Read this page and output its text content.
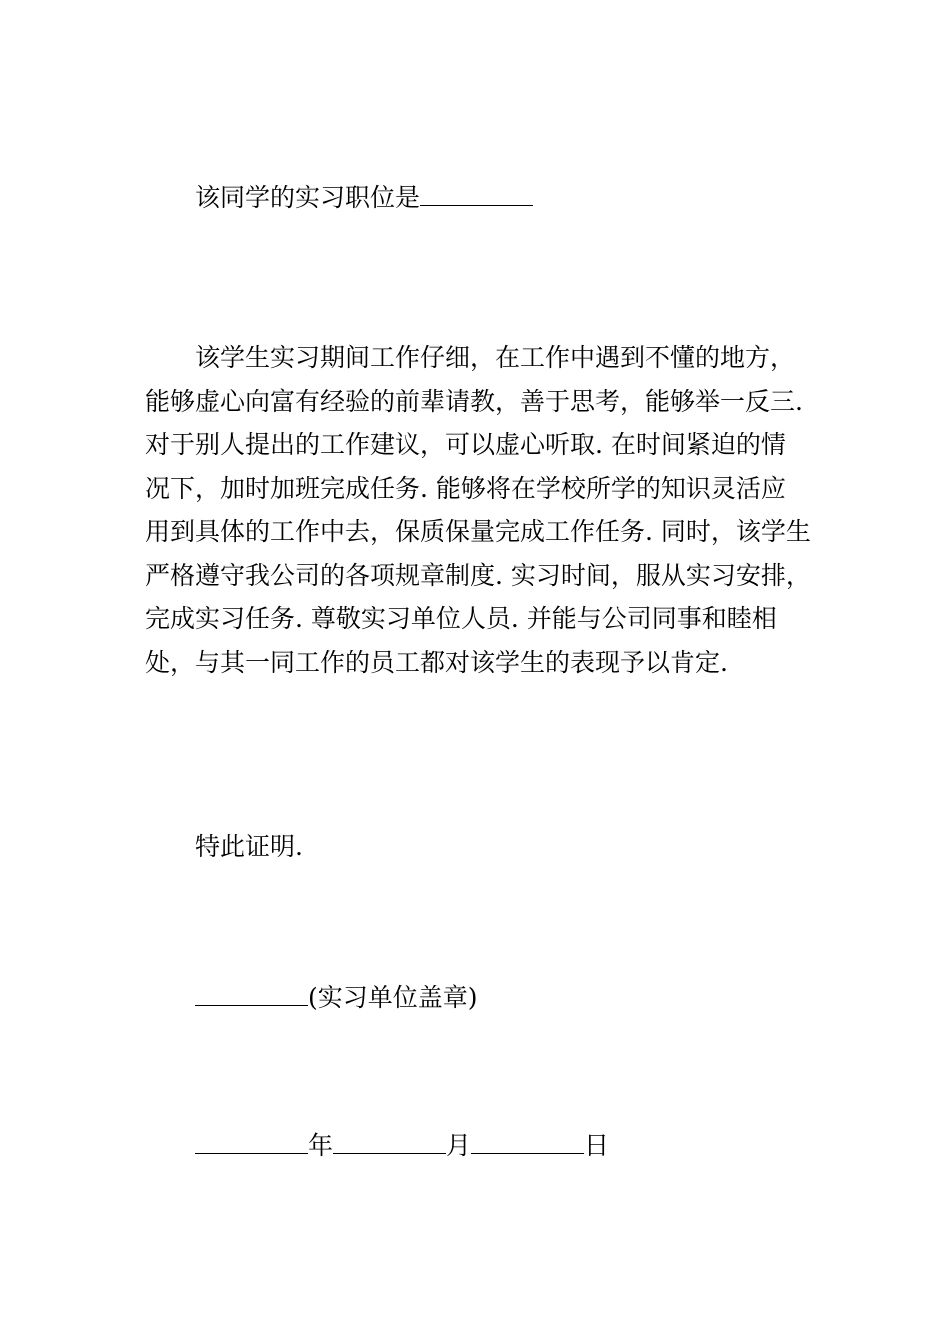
该同学的实习职位是
该学生实习期间工作仔细，在工作中遇到不懂的地方，
能够虚心向富有经验的前辈请教，善于思考，能够举一反三.
对于别人提出的工作建议，可以虚心听取. 在时间紧迫的情
况下，加时加班完成任务. 能够将在学校所学的知识灵活应
用到具体的工作中去，保质保量完成工作任务. 同时，该学生
严格遵守我公司的各项规章制度. 实习时间，服从实习安排，
完成实习任务. 尊敬实习单位人员. 并能与公司同事和睦相
处，与其一同工作的员工都对该学生的表现予以肯定.
特此证明.
(实习单位盖章)
年	月	日
